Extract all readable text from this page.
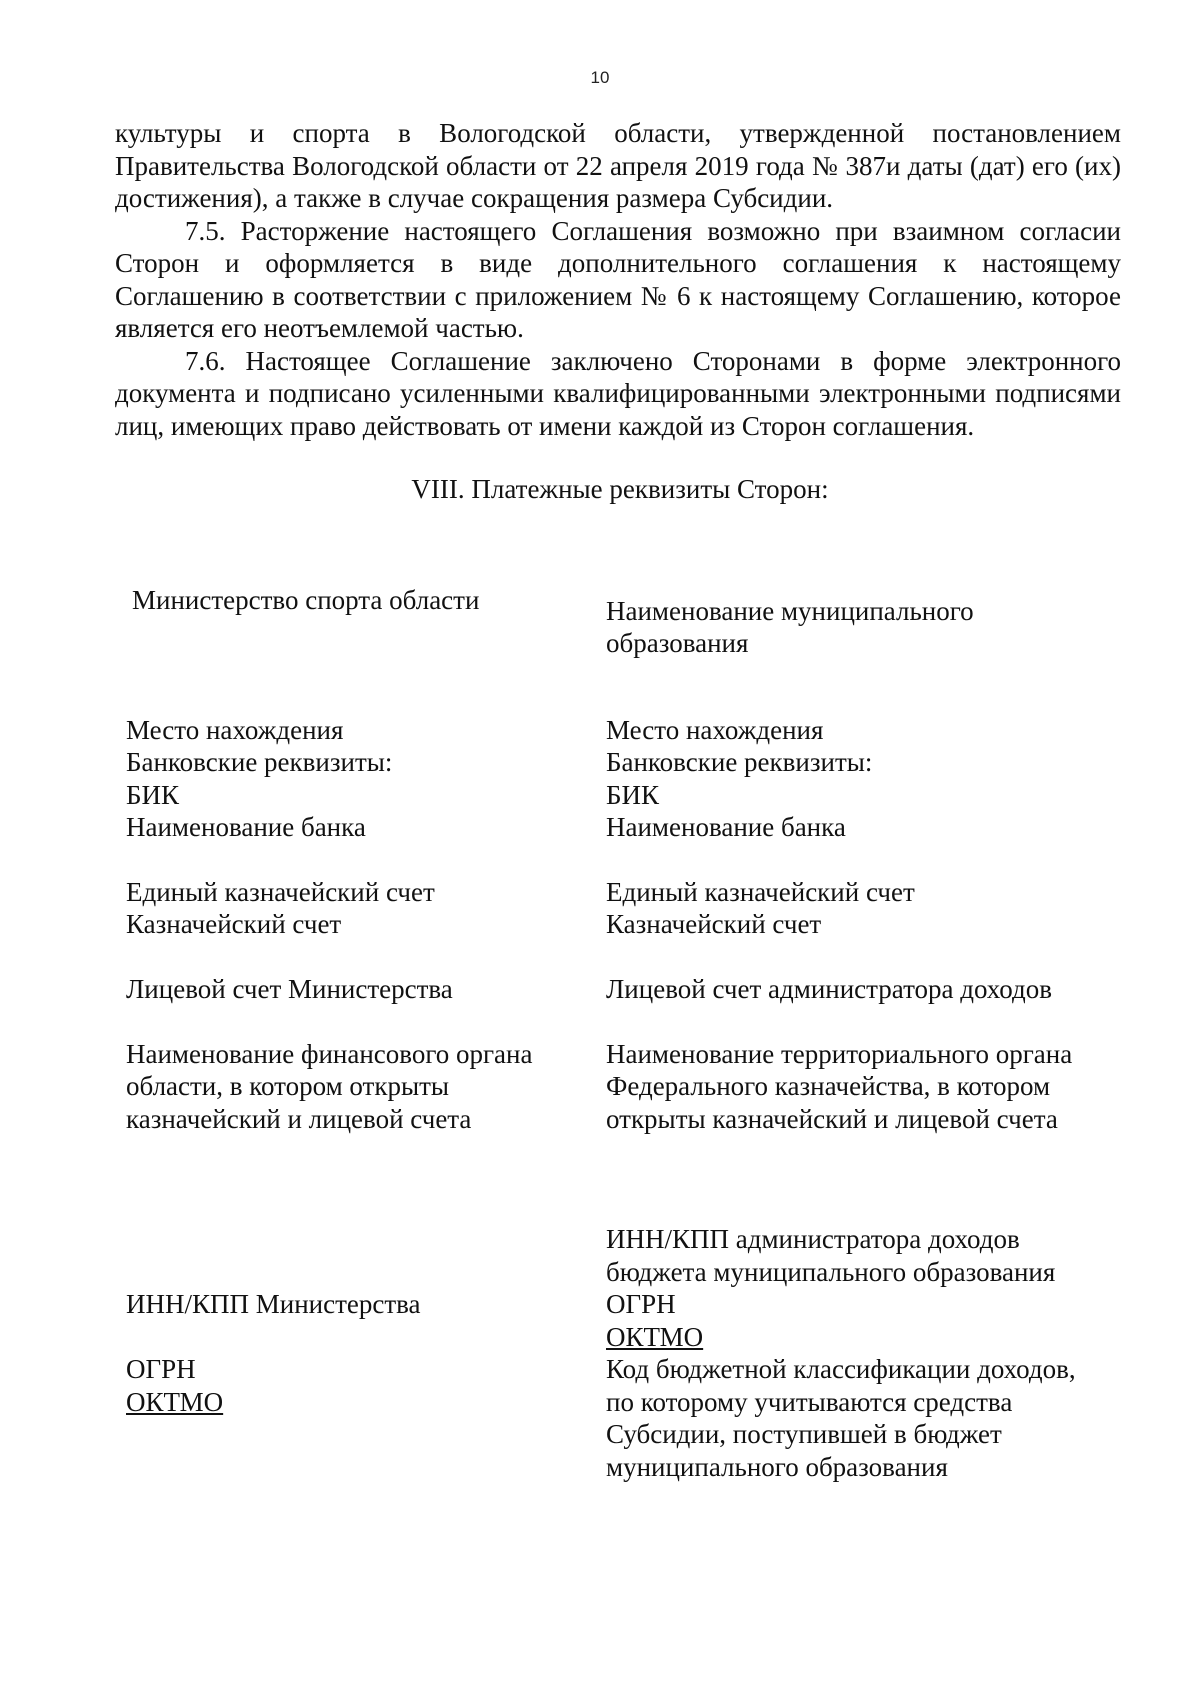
10

культуры и спорта в Вологодской области, утвержденной постановлением Правительства Вологодской области от 22 апреля 2019 года № 387и даты (дат) его (их) достижения), а также в случае сокращения размера Субсидии.

7.5. Расторжение настоящего Соглашения возможно при взаимном согласии Сторон и оформляется в виде дополнительного соглашения к настоящему Соглашению в соответствии с приложением № 6 к настоящему Соглашению, которое является его неотъемлемой частью.

7.6. Настоящее Соглашение заключено Сторонами в форме электронного документа и подписано усиленными квалифицированными электронными подписями лиц, имеющих право действовать от имени каждой из Сторон соглашения.

VIII. Платежные реквизиты Сторон:
Министерство спорта области
Место нахождения
Банковские реквизиты:
БИК
Наименование банка
Единый казначейский счет
Казначейский счет
Лицевой счет Министерства
Наименование финансового органа
области, в котором открыты
казначейский и лицевой счета
ИНН/КПП Министерства
ОГРН
ОКТМО
Наименование муниципального
образования
Место нахождения
Банковские реквизиты:
БИК
Наименование банка
Единый казначейский счет
Казначейский счет
Лицевой счет администратора доходов
Наименование территориального органа
Федерального казначейства, в котором
открыты казначейский и лицевой счета
ИНН/КПП администратора доходов
бюджета муниципального образования
ОГРН
ОКТМО
Код бюджетной классификации доходов,
по которому учитываются средства
Субсидии, поступившей в бюджет
муниципального образования
